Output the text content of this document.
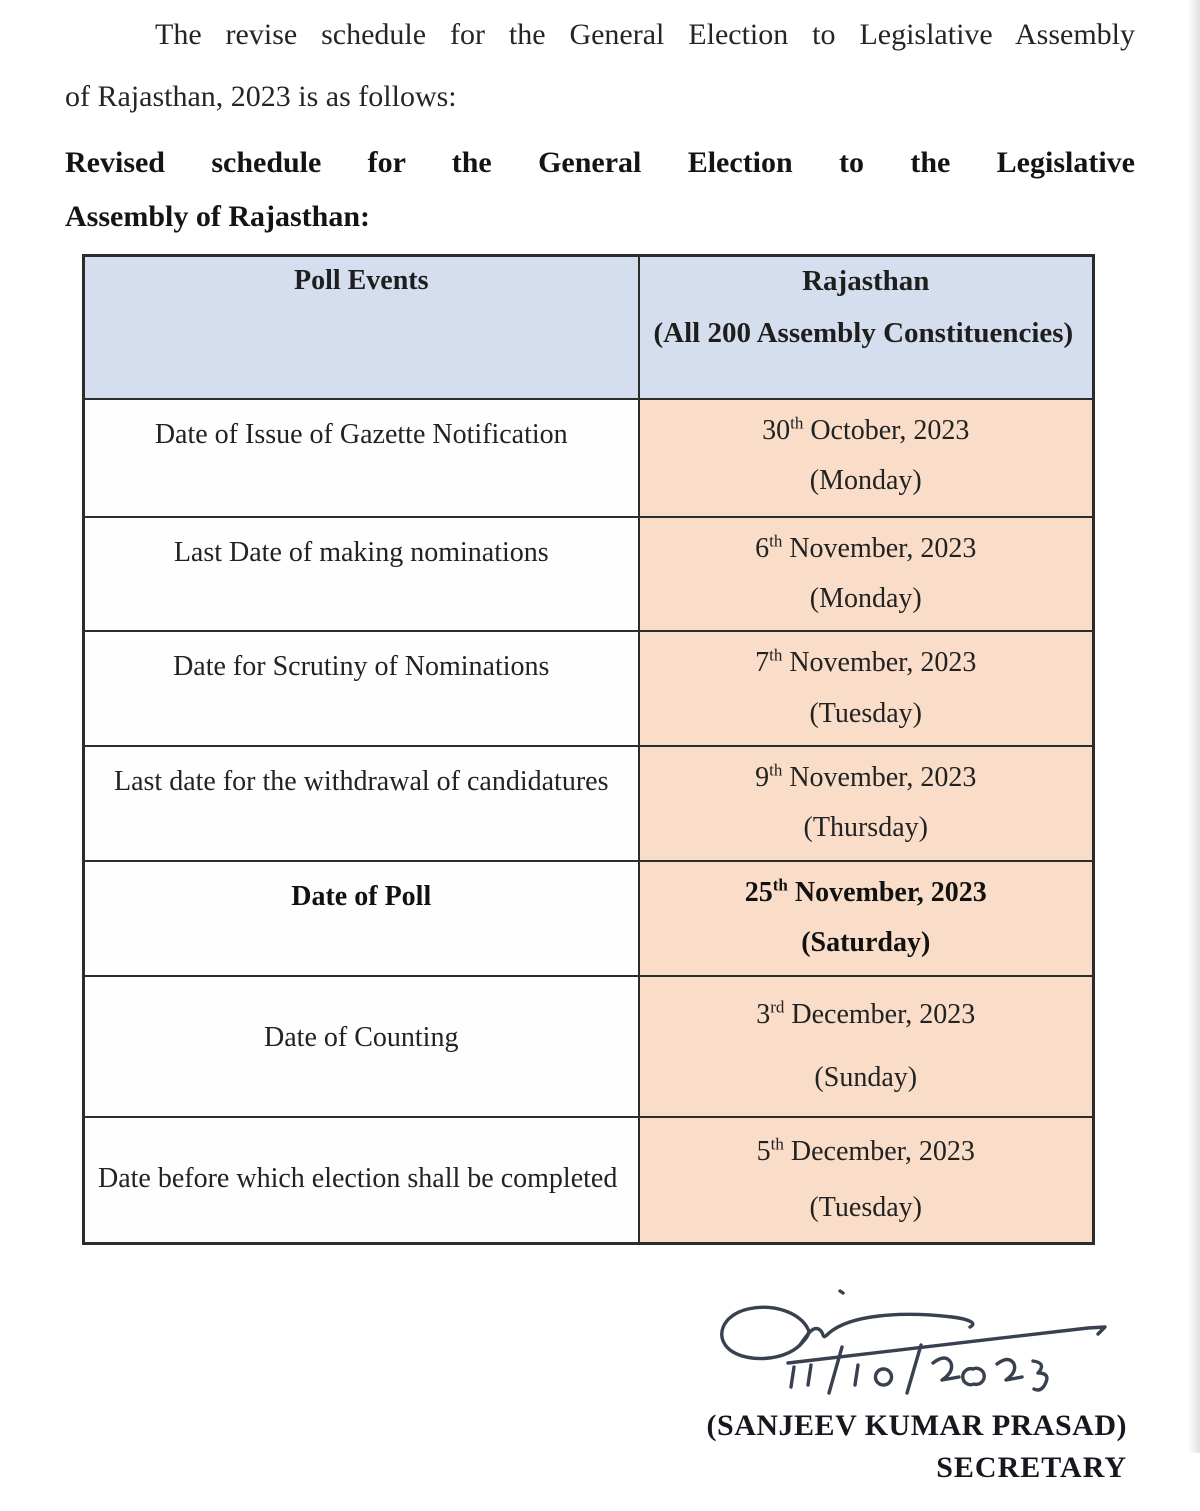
The revise schedule for the General Election to Legislative Assembly
of Rajasthan, 2023 is as follows:
Revised schedule for the General Election to the Legislative
Assembly of Rajasthan:
Poll Events	Rajasthan
(All 200 Assembly Constituencies)

Date of Issue of Gazette Notification	30th October, 2023
(Monday)

Last Date of making nominations	6th November, 2023
(Monday)

Date for Scrutiny of Nominations	7th November, 2023
(Tuesday)

Last date for the withdrawal of candidatures	9th November, 2023
(Thursday)

Date of Poll	25th November, 2023
(Saturday)

Date of Counting	3rd December, 2023
(Sunday)

Date before which election shall be completed	5th December, 2023
(Tuesday)
(SANJEEV KUMAR PRASAD)
SECRETARY
